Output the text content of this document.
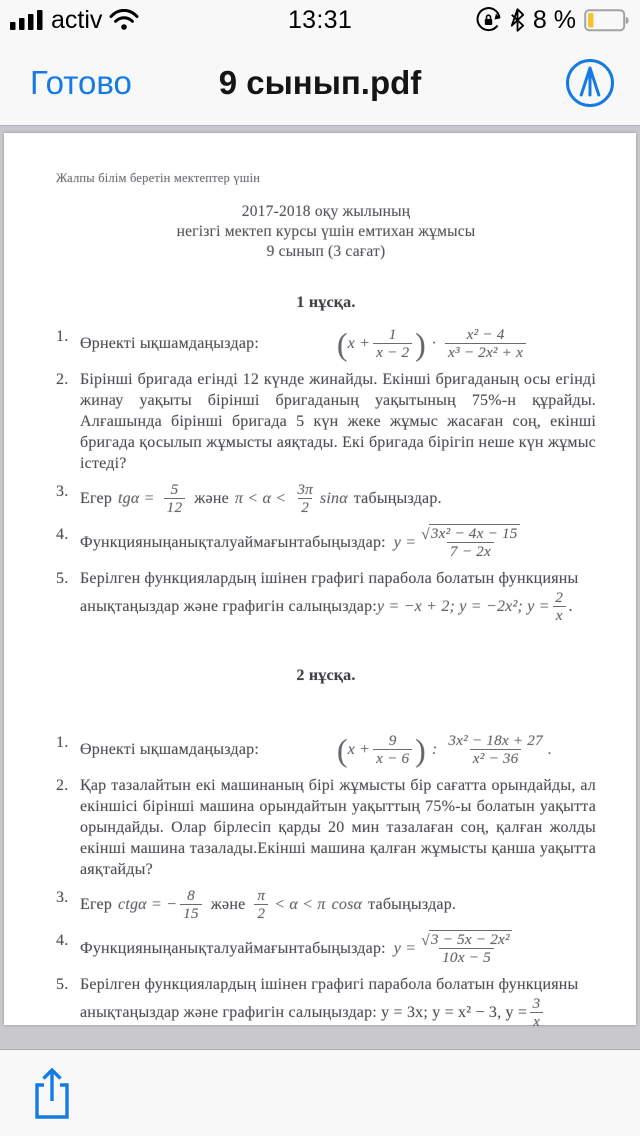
activ	13:31	8 %
Готово	9 сынып.pdf
Жалпы білім беретін мектептер үшін
2017-2018 оқу жылының
негізгі мектеп курсы үшін емтихан жұмысы
9 сынып (3 сағат)
1 нұсқа.
1. Өрнекті ықшамдаңыздар:	( $x + \frac{1}{x - 2}$ ) · $\frac{\text{x² − 4}}{\text{x³ − 2x² + x}}$
2. Бірінші бригада егінді 12 күнде жинайды. Екінші бригаданың осы егінді жинау уақыты бірінші бригаданың уақытының 75%-н құрайды. Алғашында бірінші бригада 5 күн жеке жұмыс жасаған соң, екінші бригада қосылып жұмысты аяқтады. Екі бригада бірігіп неше күн жұмыс істеді?
3. Егер $tg\alpha = \frac{5}{12}$ және $\pi < \alpha < \frac{3\pi}{2}$ sinα табыңыздар.
4. Функцияныңанықталуаймағынтабыңыздар: $y = \frac{\text{√ 3x² − 4x − 15}}{7 - 2x}$
5. Берілген функциялардың ішінен графигі парабола болатын функцияны
анықтаңыздар және графигін салыңыздар: y = −x + 2; y = −2x²; $y = \frac{2}{x}$ .
2 нұсқа.
1. Өрнекті ықшамдаңыздар:	( $x + \frac{9}{x - 6}$ ) : $\frac{\text{3x² − 18x + 27}}{\text{x² − 36}}$ .
2. Қар тазалайтын екі машинаның бірі жұмысты бір сағатта орындайды, ал екіншісі бірінші машина орындайтын уақыттың 75%-ы болатын уақытта орындайды. Олар бірлесіп қарды 20 мин тазалаған соң, қалған жолды екінші машина тазалады.Екінші машина қалған жұмысты қанша уақытта аяқтайды?
3. Егер ctgα = − $\frac{8}{15}$ және $\frac{\pi}{2} < \alpha < \pi$ cosα табыңыздар.
4. Функцияныңанықталуаймағынтабыңыздар: $y = \frac{\text{√ 3 − 5x − 2x²}}{10x - 5}$
5. Берілген функциялардың ішінен графигі парабола болатын функцияны
анықтаңыздар және графигін салыңыздар: y = 3x; y = x² − 3, $y = \frac{3}{x}$
